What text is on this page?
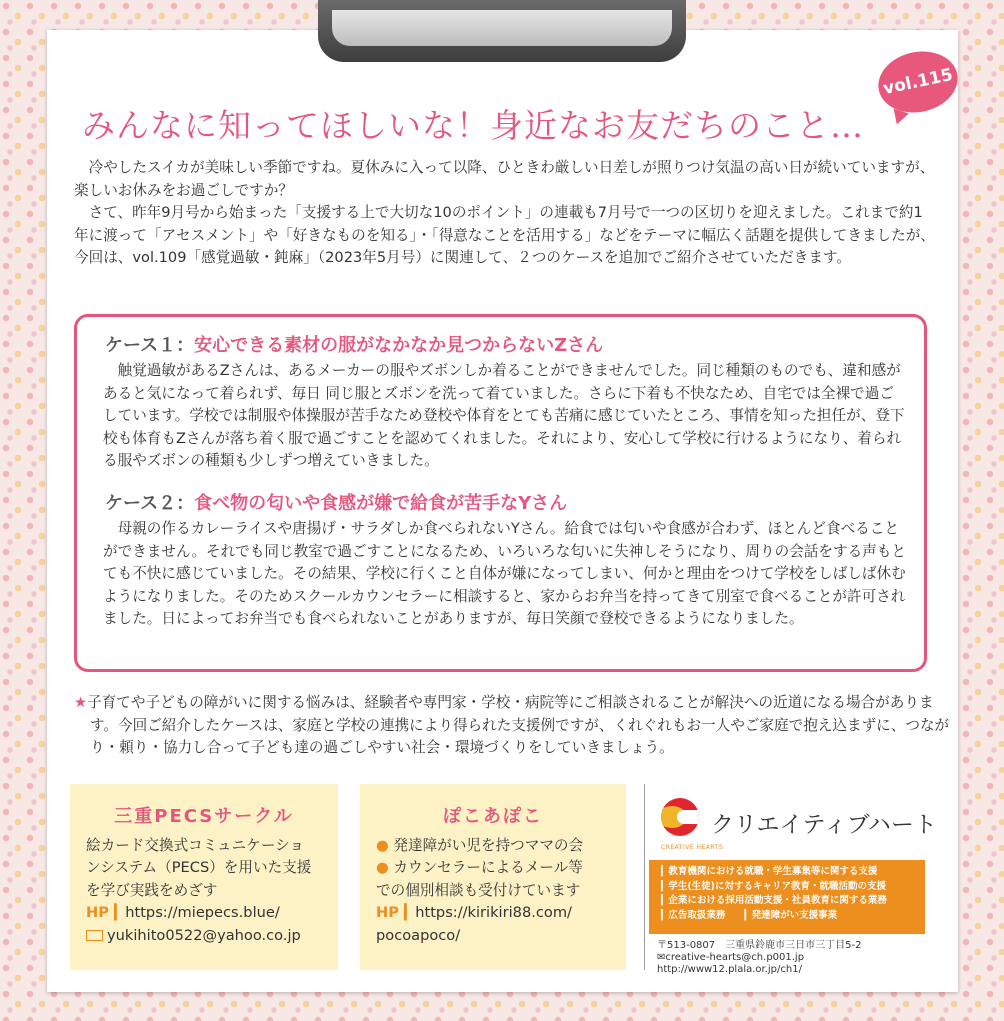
vol.115
みんなに知ってほしいな！身近なお友だちのこと…

冷やしたスイカが美味しい季節ですね。夏休みに入って以降、ひときわ厳しい日差しが照りつけ気温の高い日が続いていますが、楽しいお休みをお過ごしですか？

さて、昨年9月号から始まった「支援する上で大切な10のポイント」の連載も7月号で一つの区切りを迎えました。これまで約1年に渡って「アセスメント」や「好きなものを知る」・「得意なことを活用する」などをテーマに幅広く話題を提供してきましたが、今回は、vol.109「感覚過敏・鈍麻」（2023年5月号）に関連して、２つのケースを追加でご紹介させていただきます。

ケース１：安心できる素材の服がなかなか見つからないZさん

触覚過敏があるZさんは、あるメーカーの服やズボンしか着ることができませんでした。同じ種類のものでも、違和感があると気になって着られず、毎日 同じ服とズボンを洗って着ていました。さらに下着も不快なため、自宅では全裸で過ごしています。学校では制服や体操服が苦手なため登校や体育をとても苦痛に感じていたところ、事情を知った担任が、登下校も体育もZさんが落ち着く服で過ごすことを認めてくれました。それにより、安心して学校に行けるようになり、着られる服やズボンの種類も少しずつ増えていきました。

ケース２：食べ物の匂いや食感が嫌で給食が苦手なYさん

母親の作るカレーライスや唐揚げ・サラダしか食べられないYさん。給食では匂いや食感が合わず、ほとんど食べることができません。それでも同じ教室で過ごすことになるため、いろいろな匂いに失神しそうになり、周りの会話をする声もとても不快に感じていました。その結果、学校に行くこと自体が嫌になってしまい、何かと理由をつけて学校をしばしば休むようになりました。そのためスクールカウンセラーに相談すると、家からお弁当を持ってきて別室で食べることが許可されました。日によってお弁当でも食べられないことがありますが、毎日笑顔で登校できるようになりました。

★子育てや子どもの障がいに関する悩みは、経験者や専門家・学校・病院等にご相談されることが解決への近道になる場合があります。今回ご紹介したケースは、家庭と学校の連携により得られた支援例ですが、くれぐれもお一人やご家庭で抱え込まずに、つながり・頼り・協力し合って子ども達の過ごしやすい社会・環境づくりをしていきましょう。

三重PECSサークル
絵カード交換式コミュニケーショ
ンシステム（PECS）を用いた支援
を学び実践をめざす
HP ▎https://miepecs.blue/
yukihito0522@yahoo.co.jp
ぽこあぽこ
● 発達障がい児を持つママの会
● カウンセラーによるメール等
での個別相談も受付けています
HP ▎https://kirikiri88.com/
pocoapoco/
クリエイティブハート
CREATIVE HEARTS
▎教育機関における就職・学生募集等に関する支援
▎学生(生徒)に対するキャリア教育・就職活動の支援
▎企業における採用活動支援・社員教育に関する業務
▎広告取扱業務　　▎発達障がい支援事業
〒513-0807　三重県鈴鹿市三日市三丁目5-2
✉creative-hearts@ch.p001.jp
http://www12.plala.or.jp/ch1/
